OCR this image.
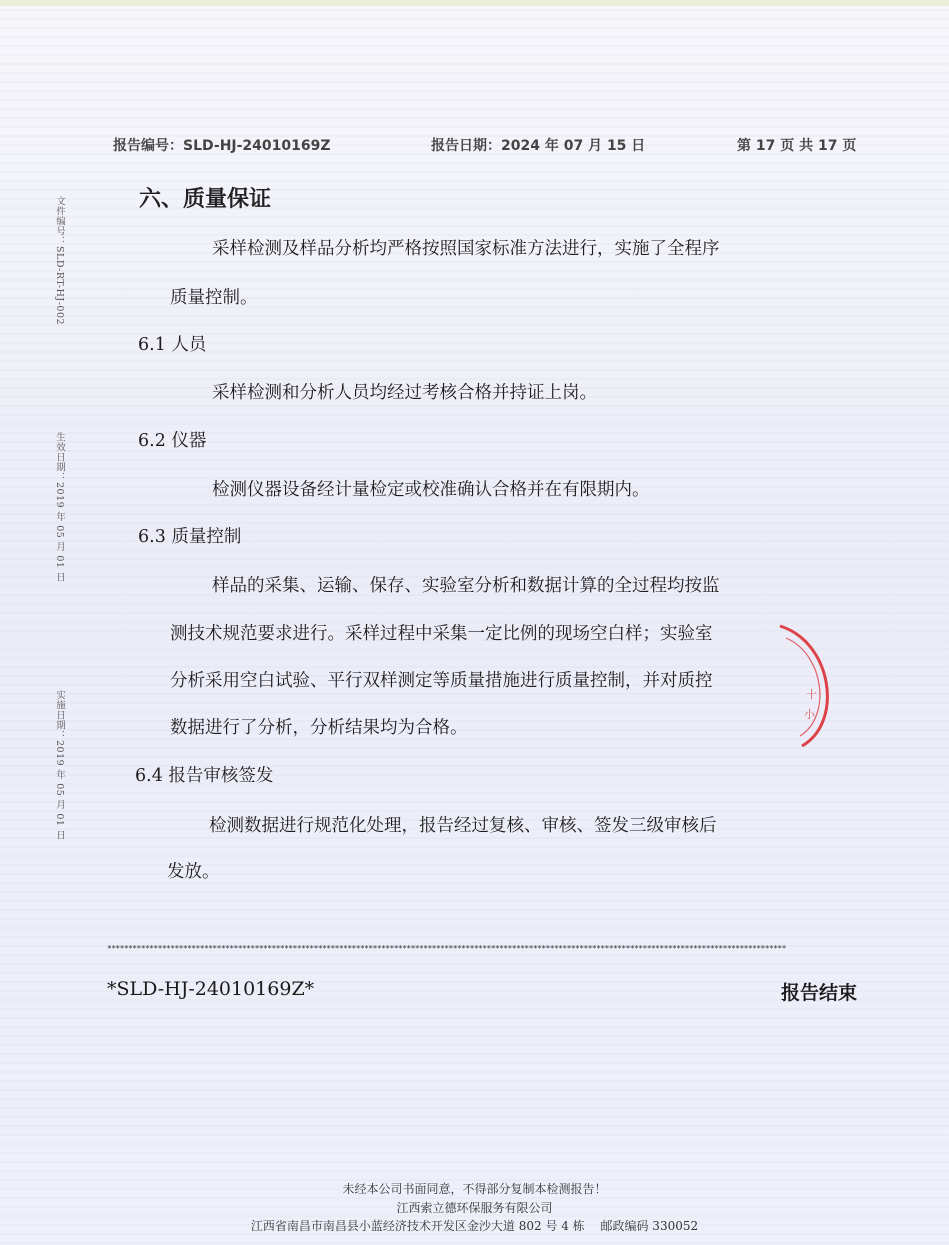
报告编号：SLD-HJ-24010169Z	报告日期：2024 年 07 月 15 日	第 17 页 共 17 页
文件编号：SLD-RT-HJ-002
生效日期：2019 年 05 月 01 日
实施日期：2019 年 05 月 01 日
六、质量保证
采样检测及样品分析均严格按照国家标准方法进行，实施了全程序
质量控制。
6.1 人员
采样检测和分析人员均经过考核合格并持证上岗。
6.2 仪器
检测仪器设备经计量检定或校准确认合格并在有限期内。
6.3 质量控制
样品的采集、运输、保存、实验室分析和数据计算的全过程均按监
测技术规范要求进行。采样过程中采集一定比例的现场空白样；实验室
分析采用空白试验、平行双样测定等质量措施进行质量控制，并对质控
数据进行了分析，分析结果均为合格。
6.4 报告审核签发
检测数据进行规范化处理，报告经过复核、审核、签发三级审核后
发放。
*****************************************************************************************************************************************************************
*SLD-HJ-24010169Z*	报告结束
未经本公司书面同意，不得部分复制本检测报告！
江西索立德环保服务有限公司
江西省南昌市南昌县小蓝经济技术开发区金沙大道 802 号 4 栋　 邮政编码 330052
十
小
